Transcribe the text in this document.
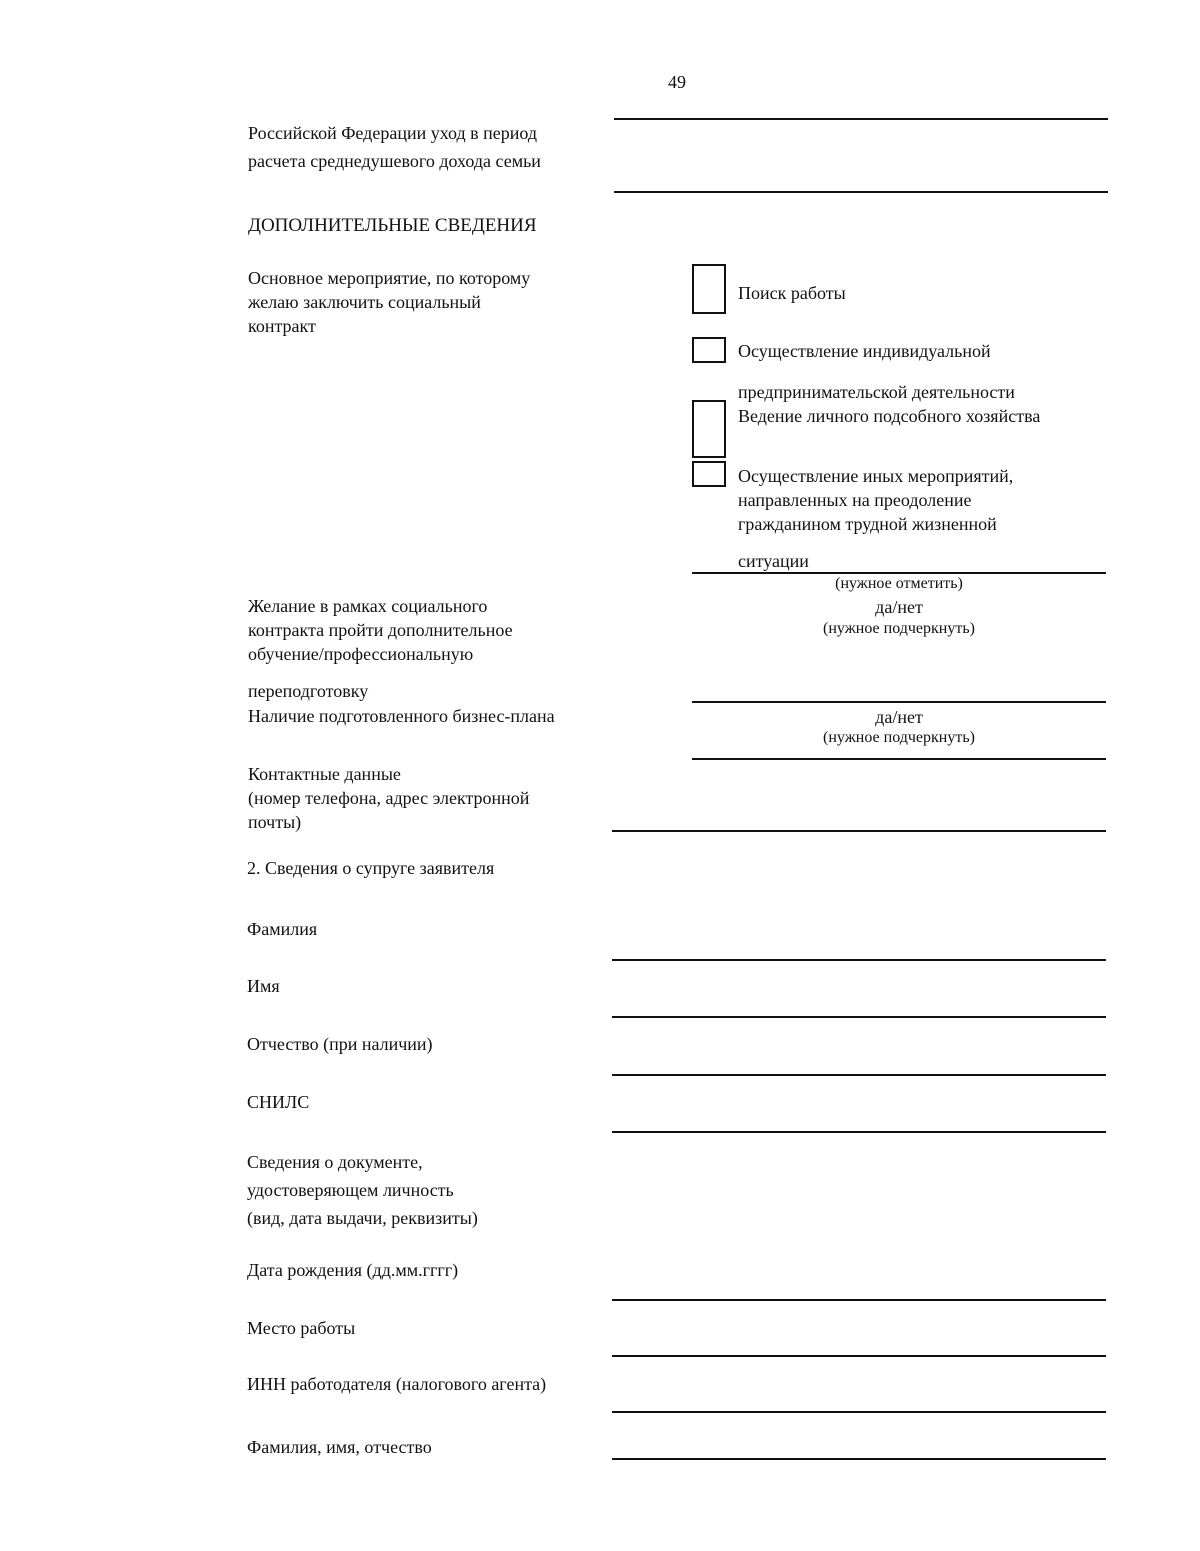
49
Российской Федерации уход в период
расчета среднедушевого дохода семьи
ДОПОЛНИТЕЛЬНЫЕ СВЕДЕНИЯ
Основное мероприятие, по которому
желаю заключить социальный
контракт
Поиск работы
Осуществление индивидуальной
предпринимательской деятельности
Ведение личного подсобного хозяйства
Осуществление иных мероприятий,
направленных на преодоление
гражданином трудной жизненной
ситуации
(нужное отметить)
Желание в рамках социального
контракта пройти дополнительное
обучение/профессиональную
да/нет
(нужное подчеркнуть)
переподготовку
Наличие подготовленного бизнес-плана	да/нет
(нужное подчеркнуть)
Контактные данные
(номер телефона, адрес электронной
почты)
2. Сведения о супруге заявителя
Фамилия
Имя
Отчество (при наличии)
СНИЛС
Сведения о документе,
удостоверяющем личность
(вид, дата выдачи, реквизиты)
Дата рождения (дд.мм.гггг)
Место работы
ИНН работодателя (налогового агента)
Фамилия, имя, отчество
